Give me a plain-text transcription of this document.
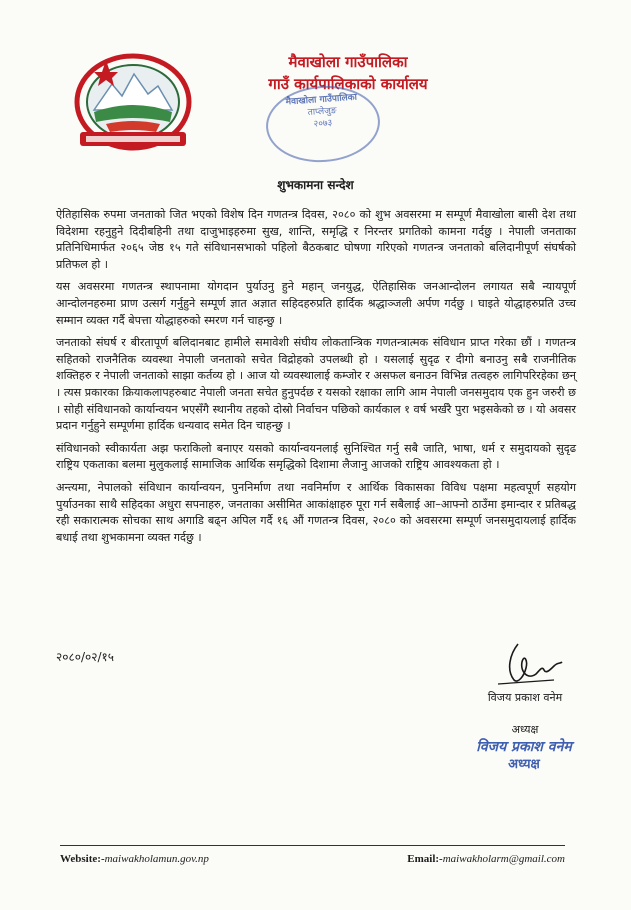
मैवाखोला गाउँपालिका
गाउँ कार्यपालिकाको कार्यालय
मैवाखोला गाउँपालिका
ताप्लेजुङ
२०७३
शुभकामना सन्देश

ऐतिहासिक रुपमा जनताको जित भएको विशेष दिन गणतन्त्र दिवस, २०८० को शुभ अवसरमा म सम्पूर्ण मैवाखोला बासी देश तथा विदेशमा रहनुहुने दिदीबहिनी तथा दाजुभाइहरुमा सुख, शान्ति, समृद्धि र निरन्तर प्रगतिको कामना गर्दछु । नेपाली जनताका प्रतिनिधिमार्फत २०६५ जेष्ठ १५ गते संविधानसभाको पहिलो बैठकबाट घोषणा गरिएको गणतन्त्र जनताको बलिदानीपूर्ण संघर्षको प्रतिफल हो ।

यस अवसरमा गणतन्त्र स्थापनामा योगदान पुर्याउनु हुने महान् जनयुद्ध, ऐतिहासिक जनआन्दोलन लगायत सबै न्यायपूर्ण आन्दोलनहरुमा प्राण उत्सर्ग गर्नुहुने सम्पूर्ण ज्ञात अज्ञात सहिदहरुप्रति हार्दिक श्रद्धाञ्जली अर्पण गर्दछु । घाइते योद्धाहरुप्रति उच्च सम्मान व्यक्त गर्दै बेपत्ता योद्धाहरुको स्मरण गर्न चाहन्छु ।

जनताको संघर्ष र बीरतापूर्ण बलिदानबाट हामीले समावेशी संघीय लोकतान्त्रिक गणतन्त्रात्मक संविधान प्राप्त गरेका छौं । गणतन्त्र सहितको राजनैतिक व्यवस्था नेपाली जनताको सचेत विद्रोहको उपलब्धी हो । यसलाई सुदृढ र दीगो बनाउनु सबै राजनीतिक शक्तिहरु र नेपाली जनताको साझा कर्तव्य हो । आज यो व्यवस्थालाई कम्जोर र असफल बनाउन विभिन्न तत्वहरु लागिपरिरहेका छन् । त्यस प्रकारका क्रियाकलापहरुबाट नेपाली जनता सचेत हुनुपर्दछ र यसको रक्षाका लागि आम नेपाली जनसमुदाय एक हुन जरुरी छ । सोही संविधानको कार्यान्वयन भएसँगै स्थानीय तहको दोस्रो निर्वाचन पछिको कार्यकाल १ वर्ष भर्खरै पुरा भइसकेको छ । यो अवसर प्रदान गर्नुहुने सम्पूर्णमा हार्दिक धन्यवाद समेत दिन चाहन्छु ।

संविधानको स्वीकार्यता अझ फराकिलो बनाएर यसको कार्यान्वयनलाई सुनिश्चित गर्नु सबै जाति, भाषा, धर्म र समुदायको सुदृढ राष्ट्रिय एकताका बलमा मुलुकलाई सामाजिक आर्थिक समृद्धिको दिशामा लैजानु आजको राष्ट्रिय आवश्यकता हो ।

अन्त्यमा, नेपालको संविधान कार्यान्वयन, पुननिर्माण तथा नवनिर्माण र आर्थिक विकासका विविध पक्षमा महत्वपूर्ण सहयोग पुर्याउनका साथै सहिदका अधुरा सपनाहरु, जनताका असीमित आकांक्षाहरु पूरा गर्न सबैलाई आ–आफ्नो ठाउँमा इमान्दार र प्रतिबद्ध रही सकारात्मक सोचका साथ अगाडि बढ्न अपिल गर्दै १६ औं गणतन्त्र दिवस, २०८० को अवसरमा सम्पूर्ण जनसमुदायलाई हार्दिक बधाई तथा शुभकामना व्यक्त गर्दछु ।

२०८०/०२/१५
विजय प्रकाश वनेम
अध्यक्ष
विजय प्रकाश वनेम
अध्यक्ष
Website:-maiwakholamun.gov.np	Email:-maiwakholarm@gmail.com
